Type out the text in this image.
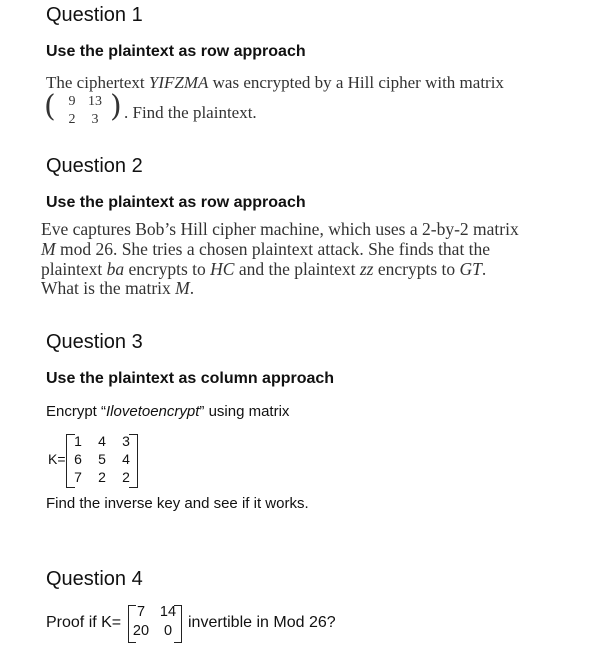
Question 1
Use the plaintext as row approach
The ciphertext YIFZMA was encrypted by a Hill cipher with matrix
( 9 13
2	3 ) . Find the plaintext.
Question 2
Use the plaintext as row approach
Eve captures Bob’s Hill cipher machine, which uses a 2-by-2 matrix
M mod 26. She tries a chosen plaintext attack. She finds that the
plaintext ba encrypts to HC and the plaintext zz encrypts to GT.
What is the matrix M.
Question 3
Use the plaintext as column approach
Encrypt “Ilovetoencrypt” using matrix
K=
1 4 3
6 5 4
7 2 2
Find the inverse key and see if it works.
Question 4
Proof if K=
7	14
20	0 invertible in Mod 26?
